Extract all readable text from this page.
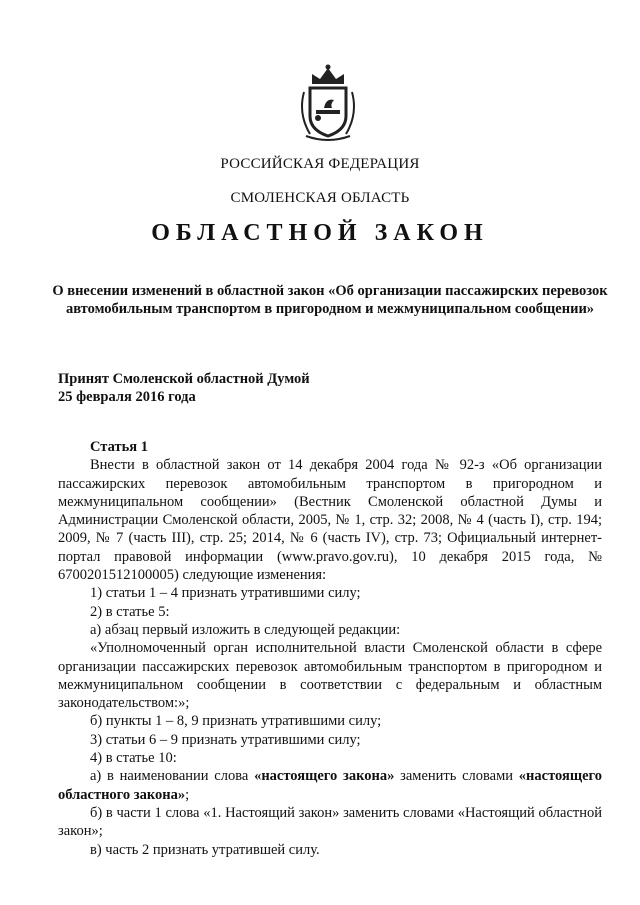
РОССИЙСКАЯ ФЕДЕРАЦИЯ
СМОЛЕНСКАЯ ОБЛАСТЬ
ОБЛАСТНОЙ ЗАКОН
О внесении изменений в областной закон «Об организации пассажирских перевозок автомобильным транспортом в пригородном и межмуниципальном сообщении»
Принят Смоленской областной Думой
25 февраля 2016 года

Статья 1

Внести в областной закон от 14 декабря 2004 года № 92-з «Об организации пассажирских перевозок автомобильным транспортом в пригородном и межмуниципальном сообщении» (Вестник Смоленской областной Думы и Администрации Смоленской области, 2005, № 1, стр. 32; 2008, № 4 (часть I), стр. 194; 2009, № 7 (часть III), стр. 25; 2014, № 6 (часть IV), стр. 73; Официальный интернет-портал правовой информации (www.pravo.gov.ru), 10 декабря 2015 года, № 6700201512100005) следующие изменения:

1) статьи 1 – 4 признать утратившими силу;

2) в статье 5:

а) абзац первый изложить в следующей редакции:

«Уполномоченный орган исполнительной власти Смоленской области в сфере организации пассажирских перевозок автомобильным транспортом в пригородном и межмуниципальном сообщении в соответствии с федеральным и областным законодательством:»;

б) пункты 1 – 8, 9 признать утратившими силу;

3) статьи 6 – 9 признать утратившими силу;

4) в статье 10:

а) в наименовании слова «настоящего закона» заменить словами «настоящего областного закона»;

б) в части 1 слова «1. Настоящий закон» заменить словами «Настоящий областной закон»;

в) часть 2 признать утратившей силу.
